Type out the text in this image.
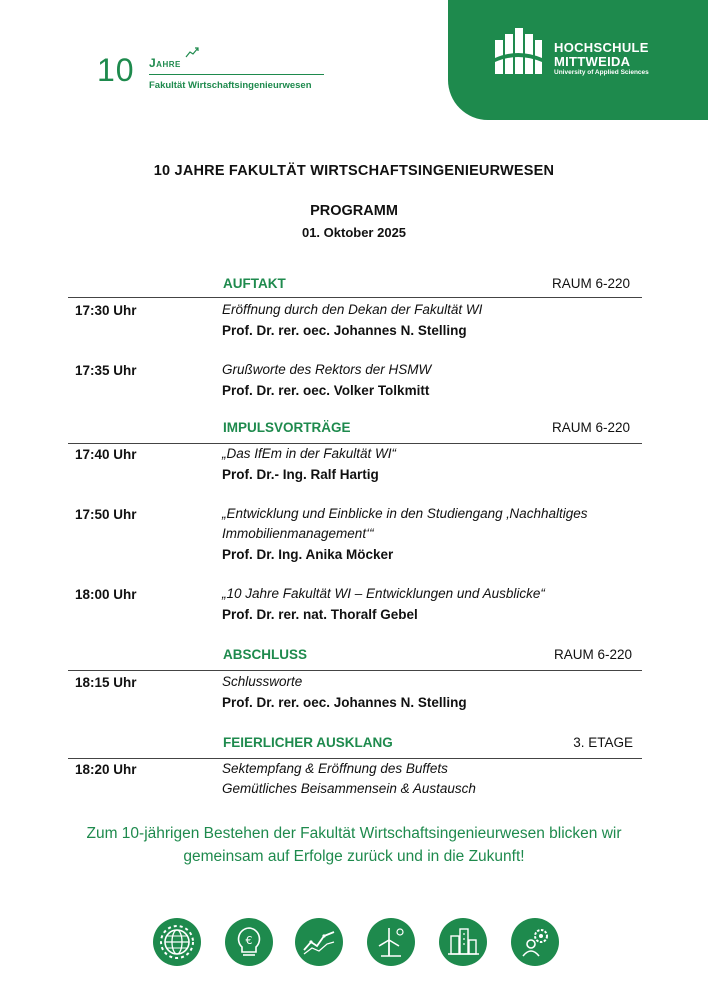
10 Jahre
Fakultät Wirtschaftsingenieurwesen
HOCHSCHULE
MITTWEIDA
University of Applied Sciences
10 JAHRE FAKULTÄT WIRTSCHAFTSINGENIEURWESEN
PROGRAMM
01. Oktober 2025
AUFTAKT	RAUM 6-220
17:30 Uhr	Eröffnung durch den Dekan der Fakultät WI
Prof. Dr. rer. oec. Johannes N. Stelling
17:35 Uhr	Grußworte des Rektors der HSMW
Prof. Dr. rer. oec. Volker Tolkmitt
IMPULSVORTRÄGE	RAUM 6-220
17:40 Uhr	„Das IfEm in der Fakultät WI“
Prof. Dr.- Ing. Ralf Hartig
17:50 Uhr	„Entwicklung und Einblicke in den Studiengang ‚Nachhaltiges
Immobilienmanagement‘“
Prof. Dr. Ing. Anika Möcker
18:00 Uhr	„10 Jahre Fakultät WI – Entwicklungen und Ausblicke“
Prof. Dr. rer. nat. Thoralf Gebel
ABSCHLUSS	RAUM 6-220
18:15 Uhr	Schlussworte
Prof. Dr. rer. oec. Johannes N. Stelling
FEIERLICHER AUSKLANG	3. ETAGE
18:20 Uhr	Sektempfang & Eröffnung des Buffets
Gemütliches Beisammensein & Austausch
Zum 10-jährigen Bestehen der Fakultät Wirtschaftsingenieurwesen blicken wir
gemeinsam auf Erfolge zurück und in die Zukunft!
€
